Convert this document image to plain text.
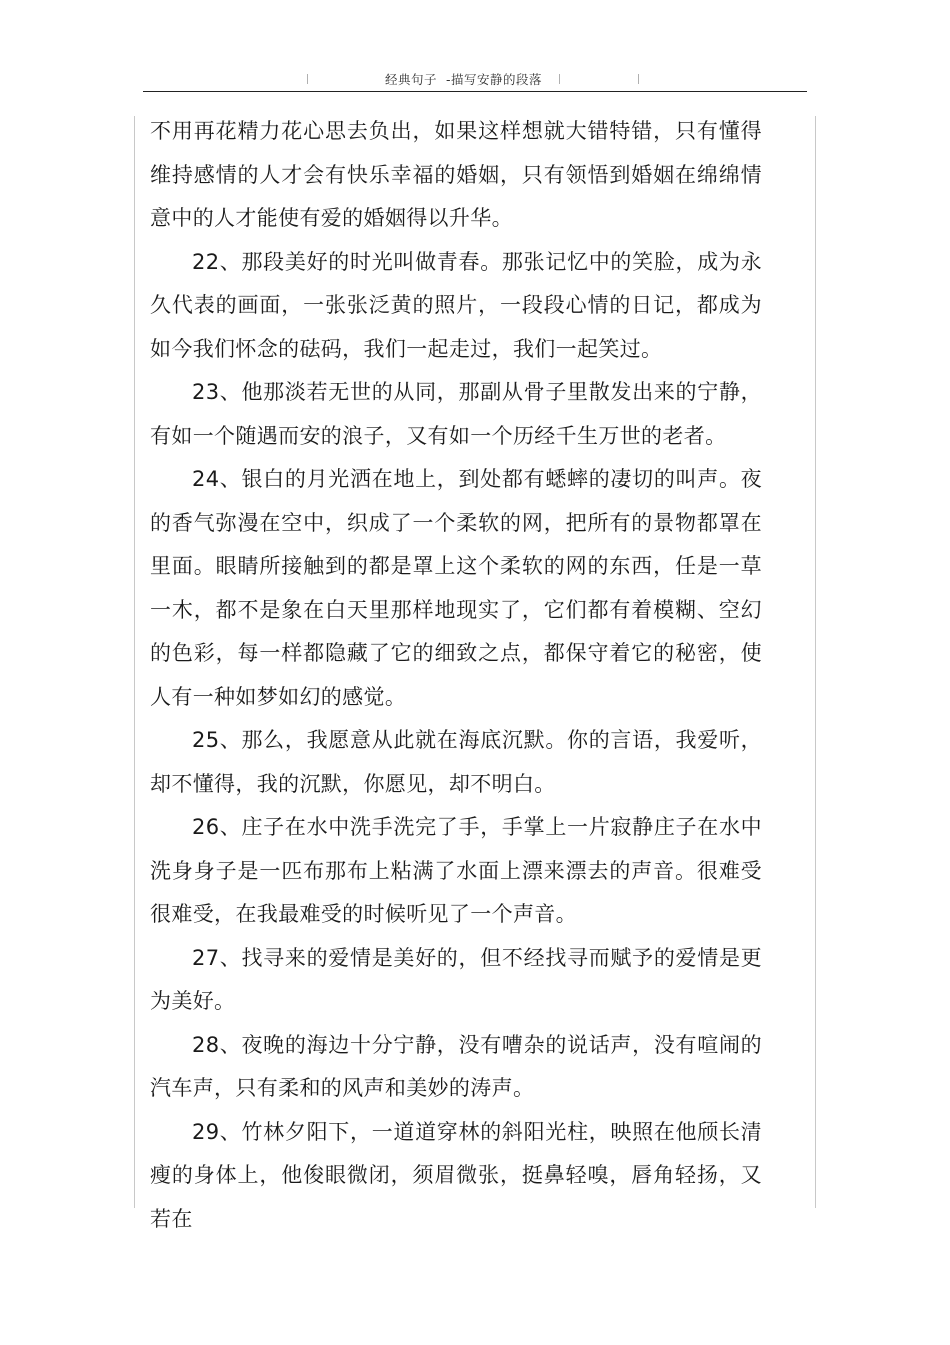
经典句子  -描写安静的段落

不用再花精力花心思去负出，如果这样想就大错特错，只有懂得维持感情的人才会有快乐幸福的婚姻，只有领悟到婚姻在绵绵情意中的人才能使有爱的婚姻得以升华。

22、那段美好的时光叫做青春。那张记忆中的笑脸，成为永久代表的画面，一张张泛黄的照片，一段段心情的日记，都成为如今我们怀念的砝码，我们一起走过，我们一起笑过。

23、他那淡若无世的从同，那副从骨子里散发出来的宁静，有如一个随遇而安的浪子，又有如一个历经千生万世的老者。

24、银白的月光洒在地上，到处都有蟋蟀的凄切的叫声。夜的香气弥漫在空中，织成了一个柔软的网，把所有的景物都罩在里面。眼睛所接触到的都是罩上这个柔软的网的东西，任是一草一木，都不是象在白天里那样地现实了，它们都有着模糊、空幻的色彩，每一样都隐藏了它的细致之点，都保守着它的秘密，使人有一种如梦如幻的感觉。

25、那么，我愿意从此就在海底沉默。你的言语，我爱听，却不懂得，我的沉默，你愿见，却不明白。

26、庄子在水中洗手洗完了手，手掌上一片寂静庄子在水中洗身身子是一匹布那布上粘满了水面上漂来漂去的声音。很难受很难受，在我最难受的时候听见了一个声音。

27、找寻来的爱情是美好的，但不经找寻而赋予的爱情是更为美好。

28、夜晚的海边十分宁静，没有嘈杂的说话声，没有喧闹的汽车声，只有柔和的风声和美妙的涛声。

29、竹林夕阳下，一道道穿林的斜阳光柱，映照在他颀长清瘦的身体上，他俊眼微闭，须眉微张，挺鼻轻嗅，唇角轻扬，又若在
